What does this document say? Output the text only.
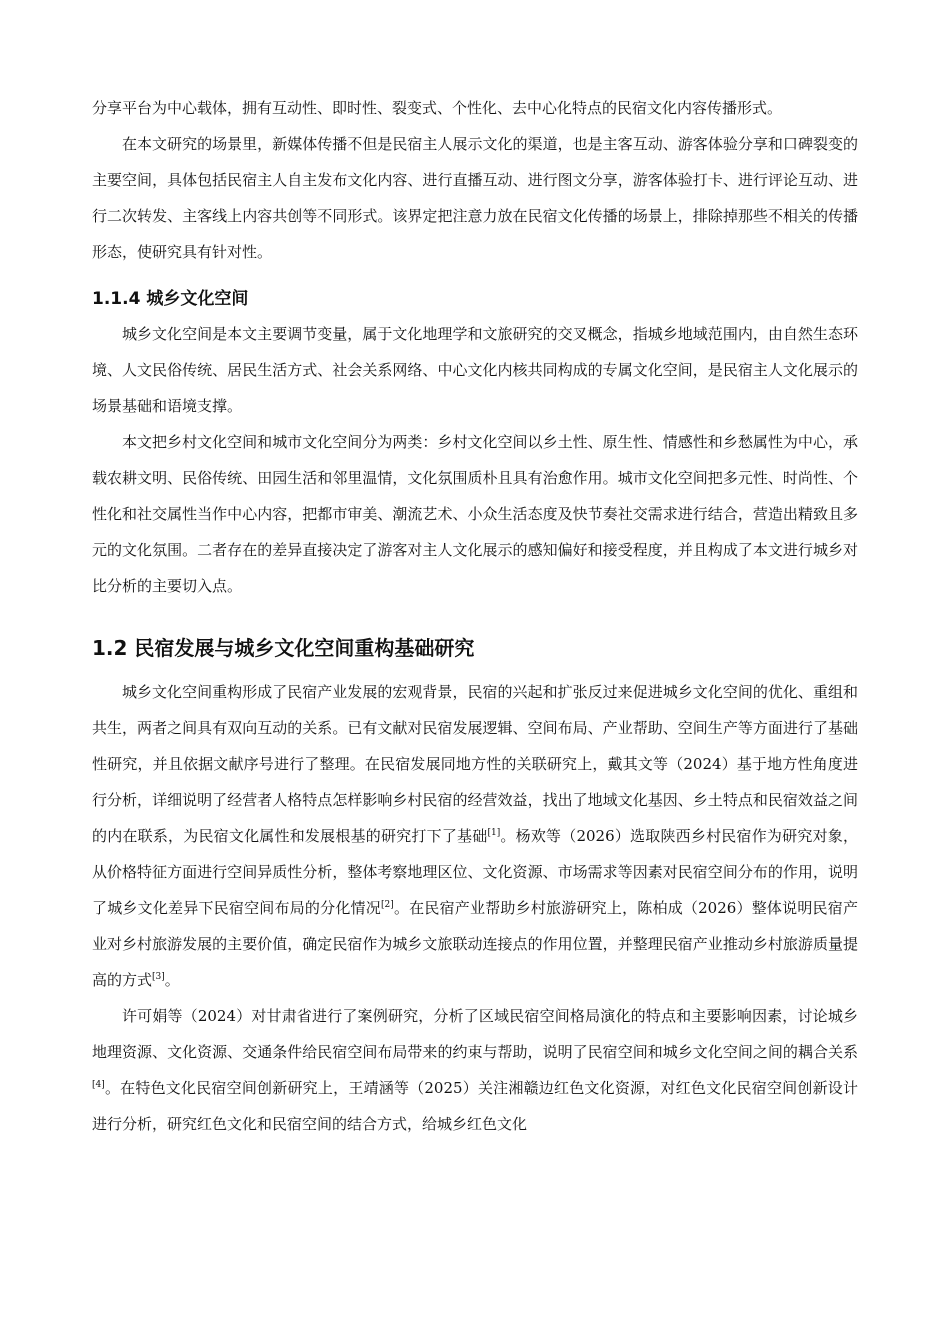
分享平台为中心载体，拥有互动性、即时性、裂变式、个性化、去中心化特点的民宿文化内容传播形式。

在本文研究的场景里，新媒体传播不但是民宿主人展示文化的渠道，也是主客互动、游客体验分享和口碑裂变的主要空间，具体包括民宿主人自主发布文化内容、进行直播互动、进行图文分享，游客体验打卡、进行评论互动、进行二次转发、主客线上内容共创等不同形式。该界定把注意力放在民宿文化传播的场景上，排除掉那些不相关的传播形态，使研究具有针对性。

1.1.4 城乡文化空间

城乡文化空间是本文主要调节变量，属于文化地理学和文旅研究的交叉概念，指城乡地域范围内，由自然生态环境、人文民俗传统、居民生活方式、社会关系网络、中心文化内核共同构成的专属文化空间，是民宿主人文化展示的场景基础和语境支撑。

本文把乡村文化空间和城市文化空间分为两类：乡村文化空间以乡土性、原生性、情感性和乡愁属性为中心，承载农耕文明、民俗传统、田园生活和邻里温情，文化氛围质朴且具有治愈作用。城市文化空间把多元性、时尚性、个性化和社交属性当作中心内容，把都市审美、潮流艺术、小众生活态度及快节奏社交需求进行结合，营造出精致且多元的文化氛围。二者存在的差异直接决定了游客对主人文化展示的感知偏好和接受程度，并且构成了本文进行城乡对比分析的主要切入点。

1.2 民宿发展与城乡文化空间重构基础研究

城乡文化空间重构形成了民宿产业发展的宏观背景，民宿的兴起和扩张反过来促进城乡文化空间的优化、重组和共生，两者之间具有双向互动的关系。已有文献对民宿发展逻辑、空间布局、产业帮助、空间生产等方面进行了基础性研究，并且依据文献序号进行了整理。在民宿发展同地方性的关联研究上，戴其文等（2024）基于地方性角度进行分析，详细说明了经营者人格特点怎样影响乡村民宿的经营效益，找出了地域文化基因、乡土特点和民宿效益之间的内在联系，为民宿文化属性和发展根基的研究打下了基础[1]。杨欢等（2026）选取陕西乡村民宿作为研究对象，从价格特征方面进行空间异质性分析，整体考察地理区位、文化资源、市场需求等因素对民宿空间分布的作用，说明了城乡文化差异下民宿空间布局的分化情况[2]。在民宿产业帮助乡村旅游研究上，陈柏成（2026）整体说明民宿产业对乡村旅游发展的主要价值，确定民宿作为城乡文旅联动连接点的作用位置，并整理民宿产业推动乡村旅游质量提高的方式[3]。

许可娟等（2024）对甘肃省进行了案例研究，分析了区域民宿空间格局演化的特点和主要影响因素，讨论城乡地理资源、文化资源、交通条件给民宿空间布局带来的约束与帮助，说明了民宿空间和城乡文化空间之间的耦合关系[4]。在特色文化民宿空间创新研究上，王靖涵等（2025）关注湘赣边红色文化资源，对红色文化民宿空间创新设计进行分析，研究红色文化和民宿空间的结合方式，给城乡红色文化
